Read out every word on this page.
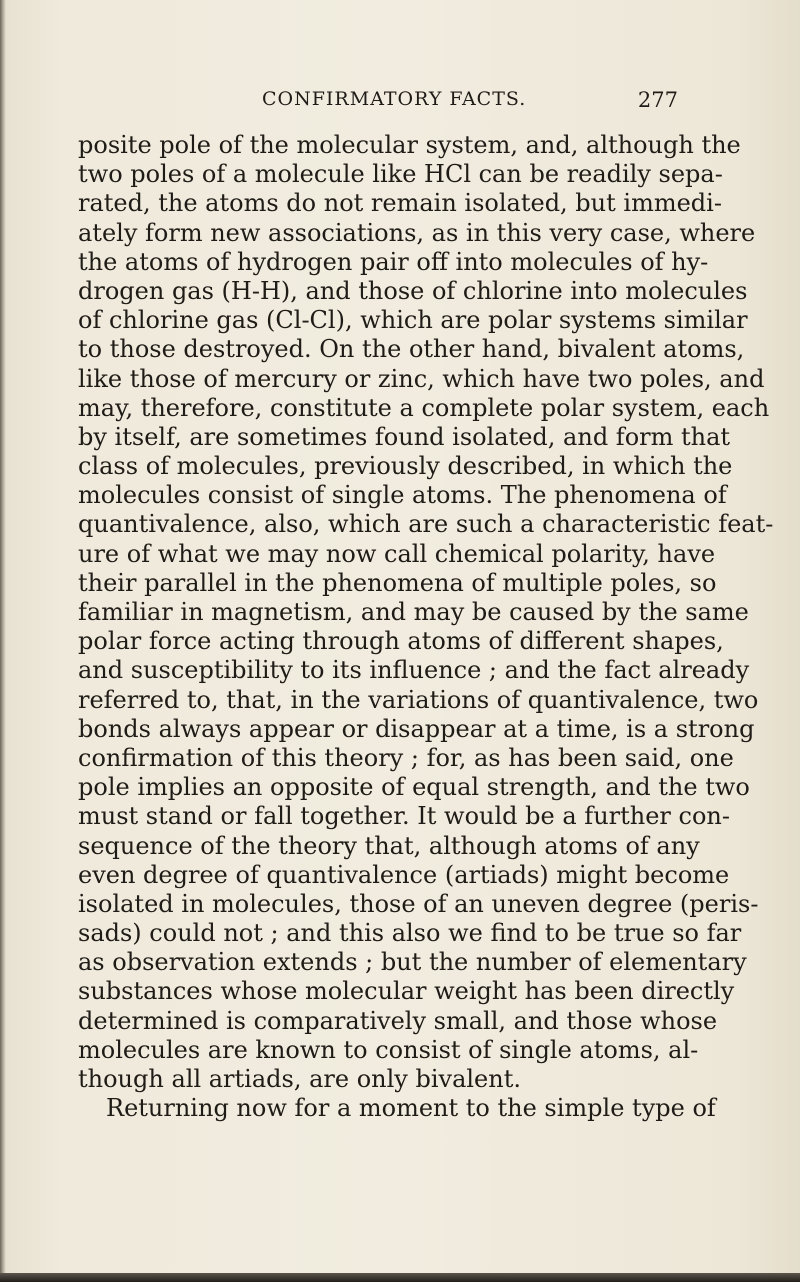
CONFIRMATORY FACTS.	277
posite pole of the molecular system, and, although the
two poles of a molecule like HCl can be readily sepa-
rated, the atoms do not remain isolated, but immedi-
ately form new associations, as in this very case, where
the atoms of hydrogen pair off into molecules of hy-
drogen gas (H-H), and those of chlorine into molecules
of chlorine gas (Cl-Cl), which are polar systems similar
to those destroyed. On the other hand, bivalent atoms,
like those of mercury or zinc, which have two poles, and
may, therefore, constitute a complete polar system, each
by itself, are sometimes found isolated, and form that
class of molecules, previously described, in which the
molecules consist of single atoms. The phenomena of
quantivalence, also, which are such a characteristic feat-
ure of what we may now call chemical polarity, have
their parallel in the phenomena of multiple poles, so
familiar in magnetism, and may be caused by the same
polar force acting through atoms of different shapes,
and susceptibility to its influence ; and the fact already
referred to, that, in the variations of quantivalence, two
bonds always appear or disappear at a time, is a strong
confirmation of this theory ; for, as has been said, one
pole implies an opposite of equal strength, and the two
must stand or fall together. It would be a further con-
sequence of the theory that, although atoms of any
even degree of quantivalence (artiads) might become
isolated in molecules, those of an uneven degree (peris-
sads) could not ; and this also we find to be true so far
as observation extends ; but the number of elementary
substances whose molecular weight has been directly
determined is comparatively small, and those whose
molecules are known to consist of single atoms, al-
though all artiads, are only bivalent.
Returning now for a moment to the simple type of
